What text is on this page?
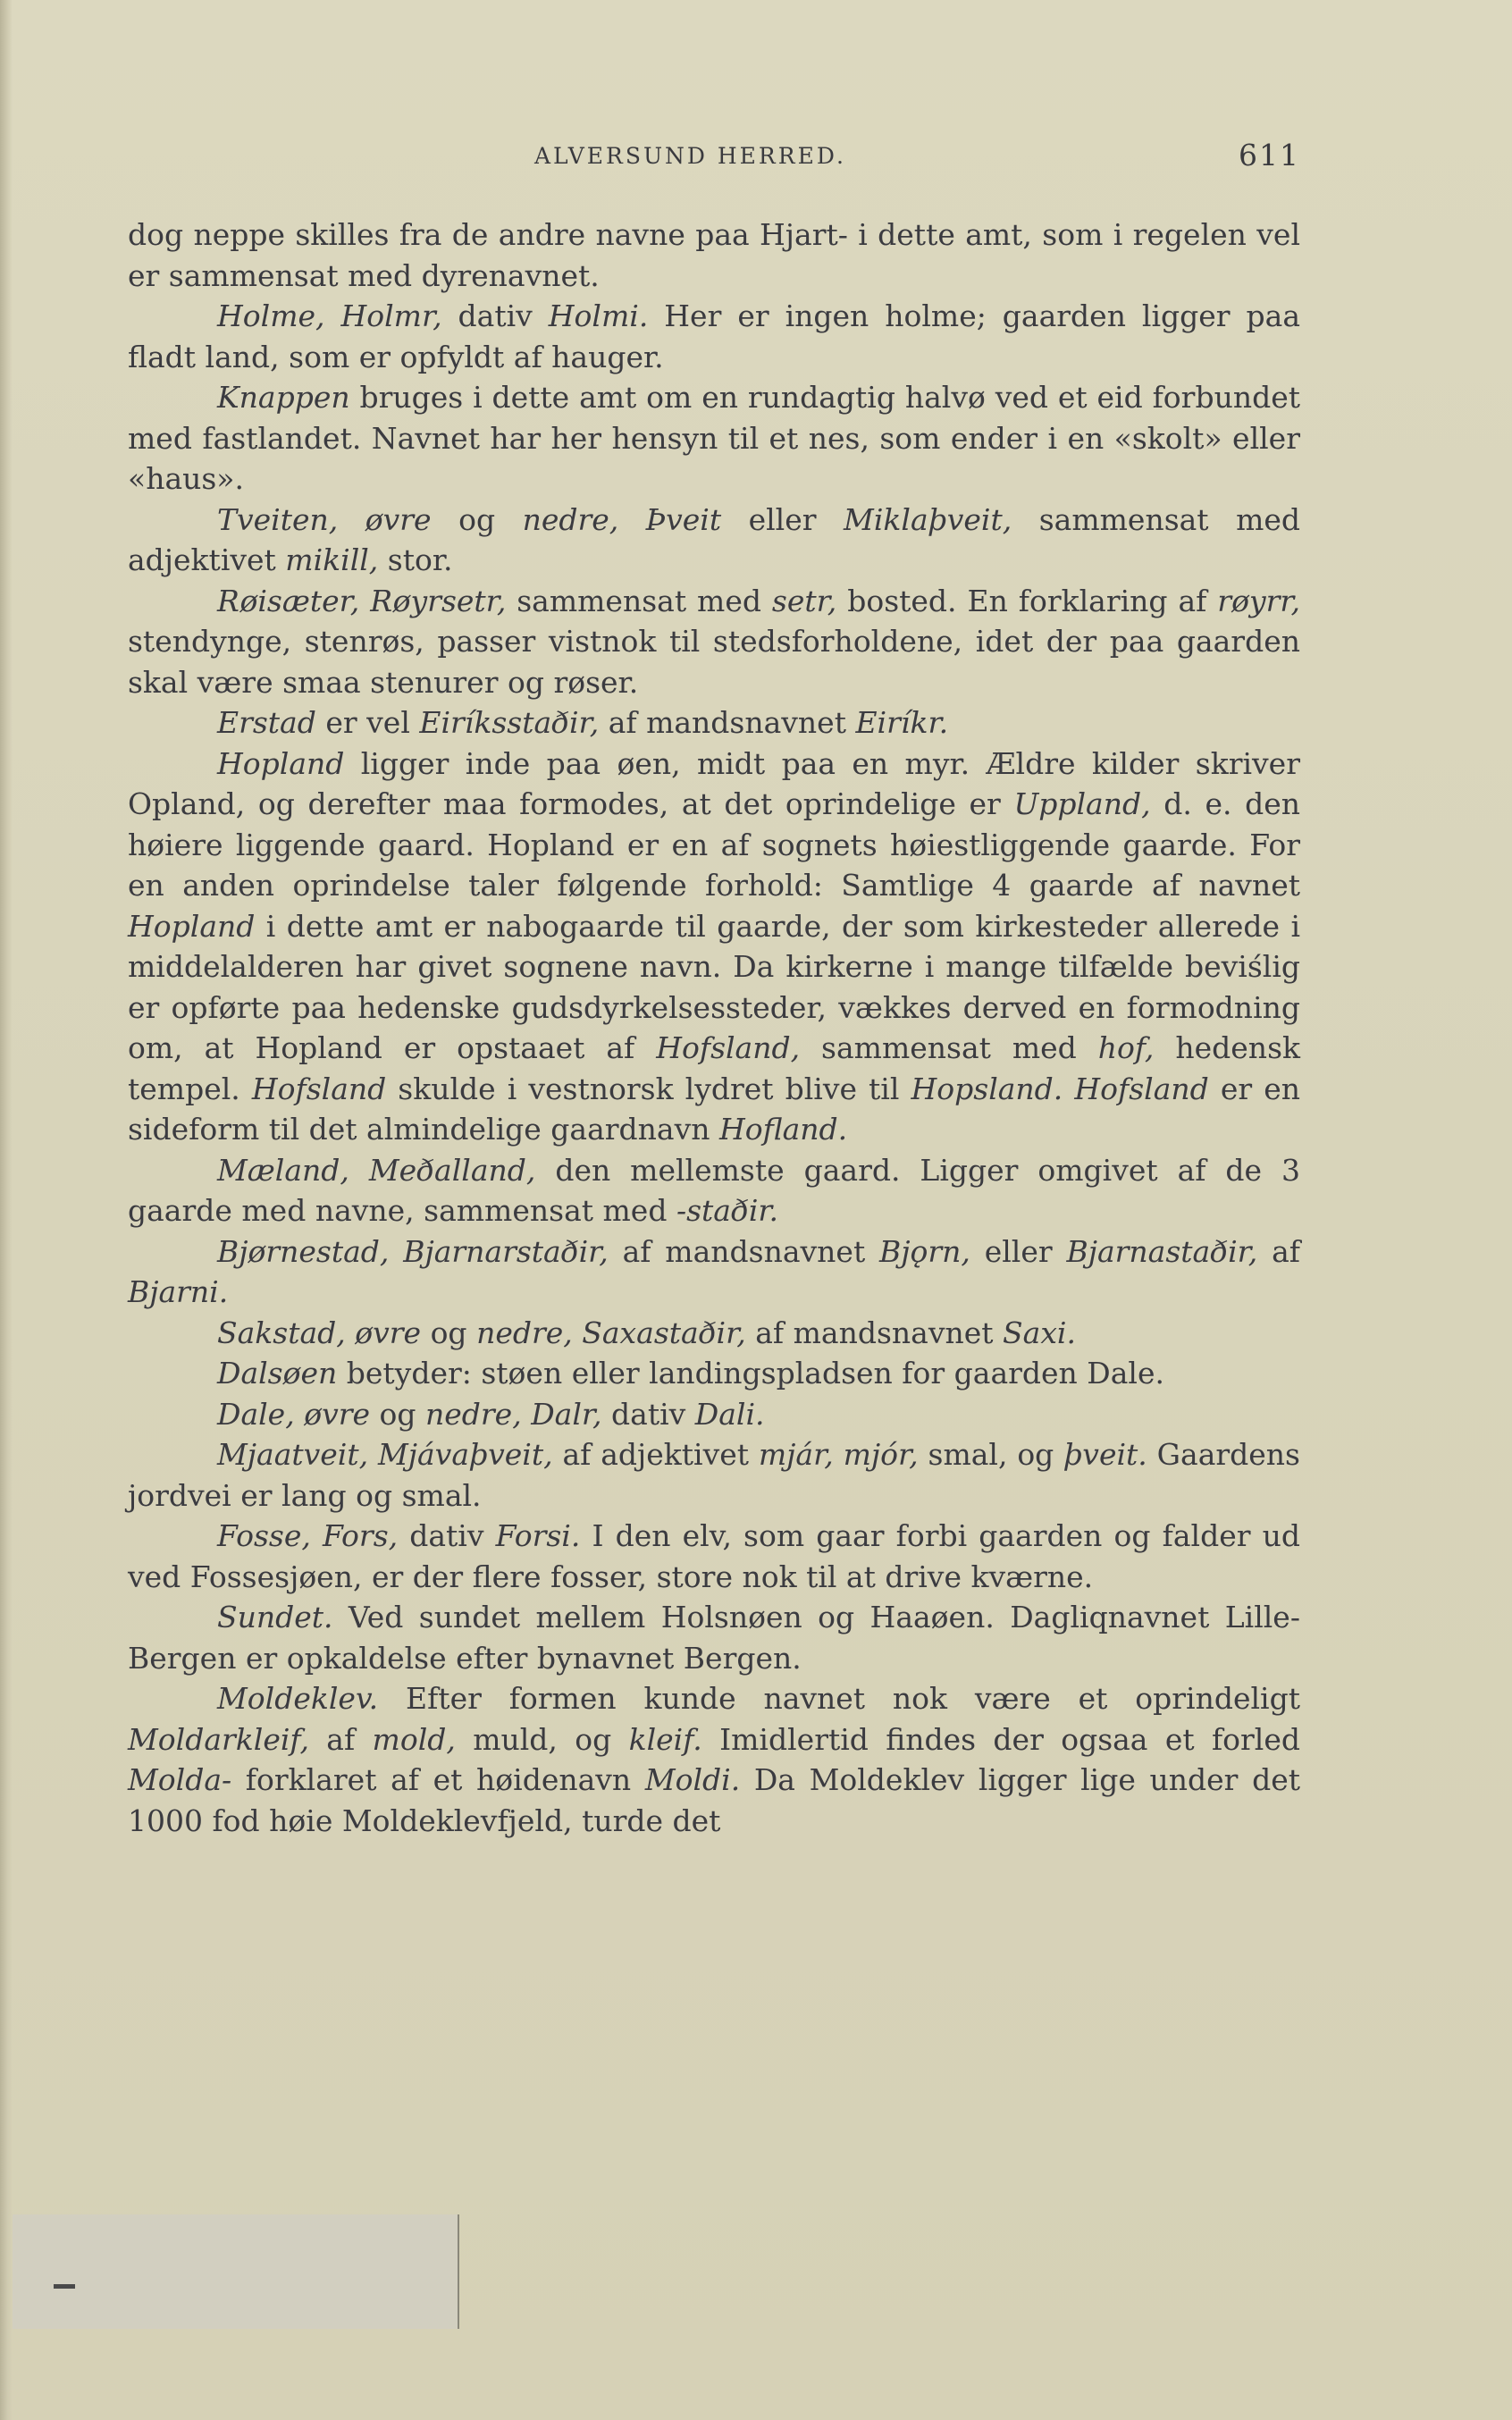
ALVERSUND HERRED.	611

dog neppe skilles fra de andre navne paa Hjart- i dette amt, som i regelen vel er sammensat med dyrenavnet.

Holme, Holmr, dativ Holmi. Her er ingen holme; gaarden ligger paa fladt land, som er opfyldt af hauger.

Knappen bruges i dette amt om en rundagtig halvø ved et eid forbundet med fastlandet. Navnet har her hensyn til et nes, som ender i en «skolt» eller «haus».

Tveiten, øvre og nedre, Þveit eller Miklaþveit, sammensat med adjektivet mikill, stor.

Røisæter, Røyrsetr, sammensat med setr, bosted. En forklaring af røyrr, stendynge, stenrøs, passer vistnok til stedsforholdene, idet der paa gaarden skal være smaa stenurer og røser.

Erstad er vel Eiríksstaðir, af mandsnavnet Eiríkr.

Hopland ligger inde paa øen, midt paa en myr. Ældre kilder skriver Opland, og derefter maa formodes, at det oprindelige er Uppland, d. e. den høiere liggende gaard. Hopland er en af sognets høiestliggende gaarde. For en anden oprindelse taler følgende forhold: Samtlige 4 gaarde af navnet Hopland i dette amt er nabogaarde til gaarde, der som kirkesteder allerede i middelalderen har givet sognene navn. Da kirkerne i mange tilfælde beviślig er opførte paa hedenske gudsdyrkelsessteder, vækkes derved en formodning om, at Hopland er opstaaet af Hofsland, sammensat med hof, hedensk tempel. Hofsland skulde i vestnorsk lydret blive til Hopsland. Hofsland er en sideform til det almindelige gaardnavn Hofland.

Mæland, Meðalland, den mellemste gaard. Ligger omgivet af de 3 gaarde med navne, sammensat med -staðir.

Bjørnestad, Bjarnarstaðir, af mandsnavnet Bjǫrn, eller Bjarnastaðir, af Bjarni.

Sakstad, øvre og nedre, Saxastaðir, af mandsnavnet Saxi.

Dalsøen betyder: støen eller landingspladsen for gaarden Dale.

Dale, øvre og nedre, Dalr, dativ Dali.

Mjaatveit, Mjávaþveit, af adjektivet mjár, mjór, smal, og þveit. Gaardens jordvei er lang og smal.

Fosse, Fors, dativ Forsi. I den elv, som gaar forbi gaarden og falder ud ved Fossesjøen, er der flere fosser, store nok til at drive kværne.

Sundet. Ved sundet mellem Holsnøen og Haaøen. Dagliqnavnet Lille-Bergen er opkaldelse efter bynavnet Bergen.

Moldeklev. Efter formen kunde navnet nok være et oprindeligt Moldarkleif, af mold, muld, og kleif. Imidlertid findes der ogsaa et forled Molda- forklaret af et høidenavn Moldi. Da Moldeklev ligger lige under det 1000 fod høie Moldeklevfjeld, turde det
